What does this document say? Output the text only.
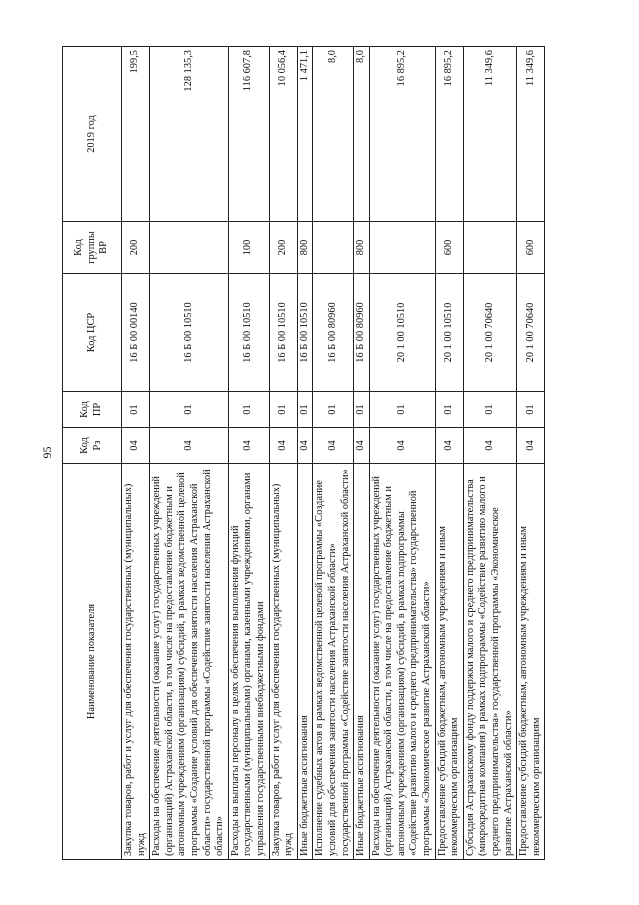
95
Наименование показателя	Код Рз	Код ПР	Код ЦСР	Код группы ВР	2019 год
Закупка товаров, работ и услуг для обеспечения государственных (муниципальных) нужд	04	01	16 Б 00 00140	200	199,5
Расходы на обеспечение деятельности (оказание услуг) государственных учреждений (организаций) Астраханской области, в том числе на предоставление бюджетным и автономным учреждениям (организациям) субсидий, в рамках ведомственной целевой программы «Создание условий для обеспечения занятости населения Астраханской области» государственной программы «Содействие занятости населения Астраханской области»	04	01	16 Б 00 10510		128 135,3
Расходы на выплаты персоналу в целях обеспечения выполнения функций государственными (муниципальными) органами, казенными учреждениями, органами управления государственными внебюджетными фондами	04	01	16 Б 00 10510	100	116 607,8
Закупка товаров, работ и услуг для обеспечения государственных (муниципальных) нужд	04	01	16 Б 00 10510	200	10 056,4
Иные бюджетные ассигнования	04	01	16 Б 00 10510	800	1 471,1
Исполнение судебных актов в рамках ведомственной целевой программы «Создание условий для обеспечения занятости населения Астраханской области» государственной программы «Содействие занятости населения Астраханской области»	04	01	16 Б 00 80960		8,0
Иные бюджетные ассигнования	04	01	16 Б 00 80960	800	8,0
Расходы на обеспечение деятельности (оказание услуг) государственных учреждений (организаций) Астраханской области, в том числе на предоставление бюджетным и автономным учреждениям (организациям) субсидий, в рамках подпрограммы «Содействие развитию малого и среднего предпринимательства» государственной программы «Экономическое развитие Астраханской области»	04	01	20 1 00 10510		16 895,2
Предоставление субсидий бюджетным, автономным учреждениям и иным некоммерческим организациям	04	01	20 1 00 10510	600	16 895,2
Субсидия Астраханскому фонду поддержки малого и среднего предпринимательства (микрокредитная компания) в рамках подпрограммы «Содействие развитию малого и среднего предпринимательства» государственной программы «Экономическое развитие Астраханской области»	04	01	20 1 00 70640		11 349,6
Предоставление субсидий бюджетным, автономным учреждениям и иным некоммерческим организациям	04	01	20 1 00 70640	600	11 349,6
